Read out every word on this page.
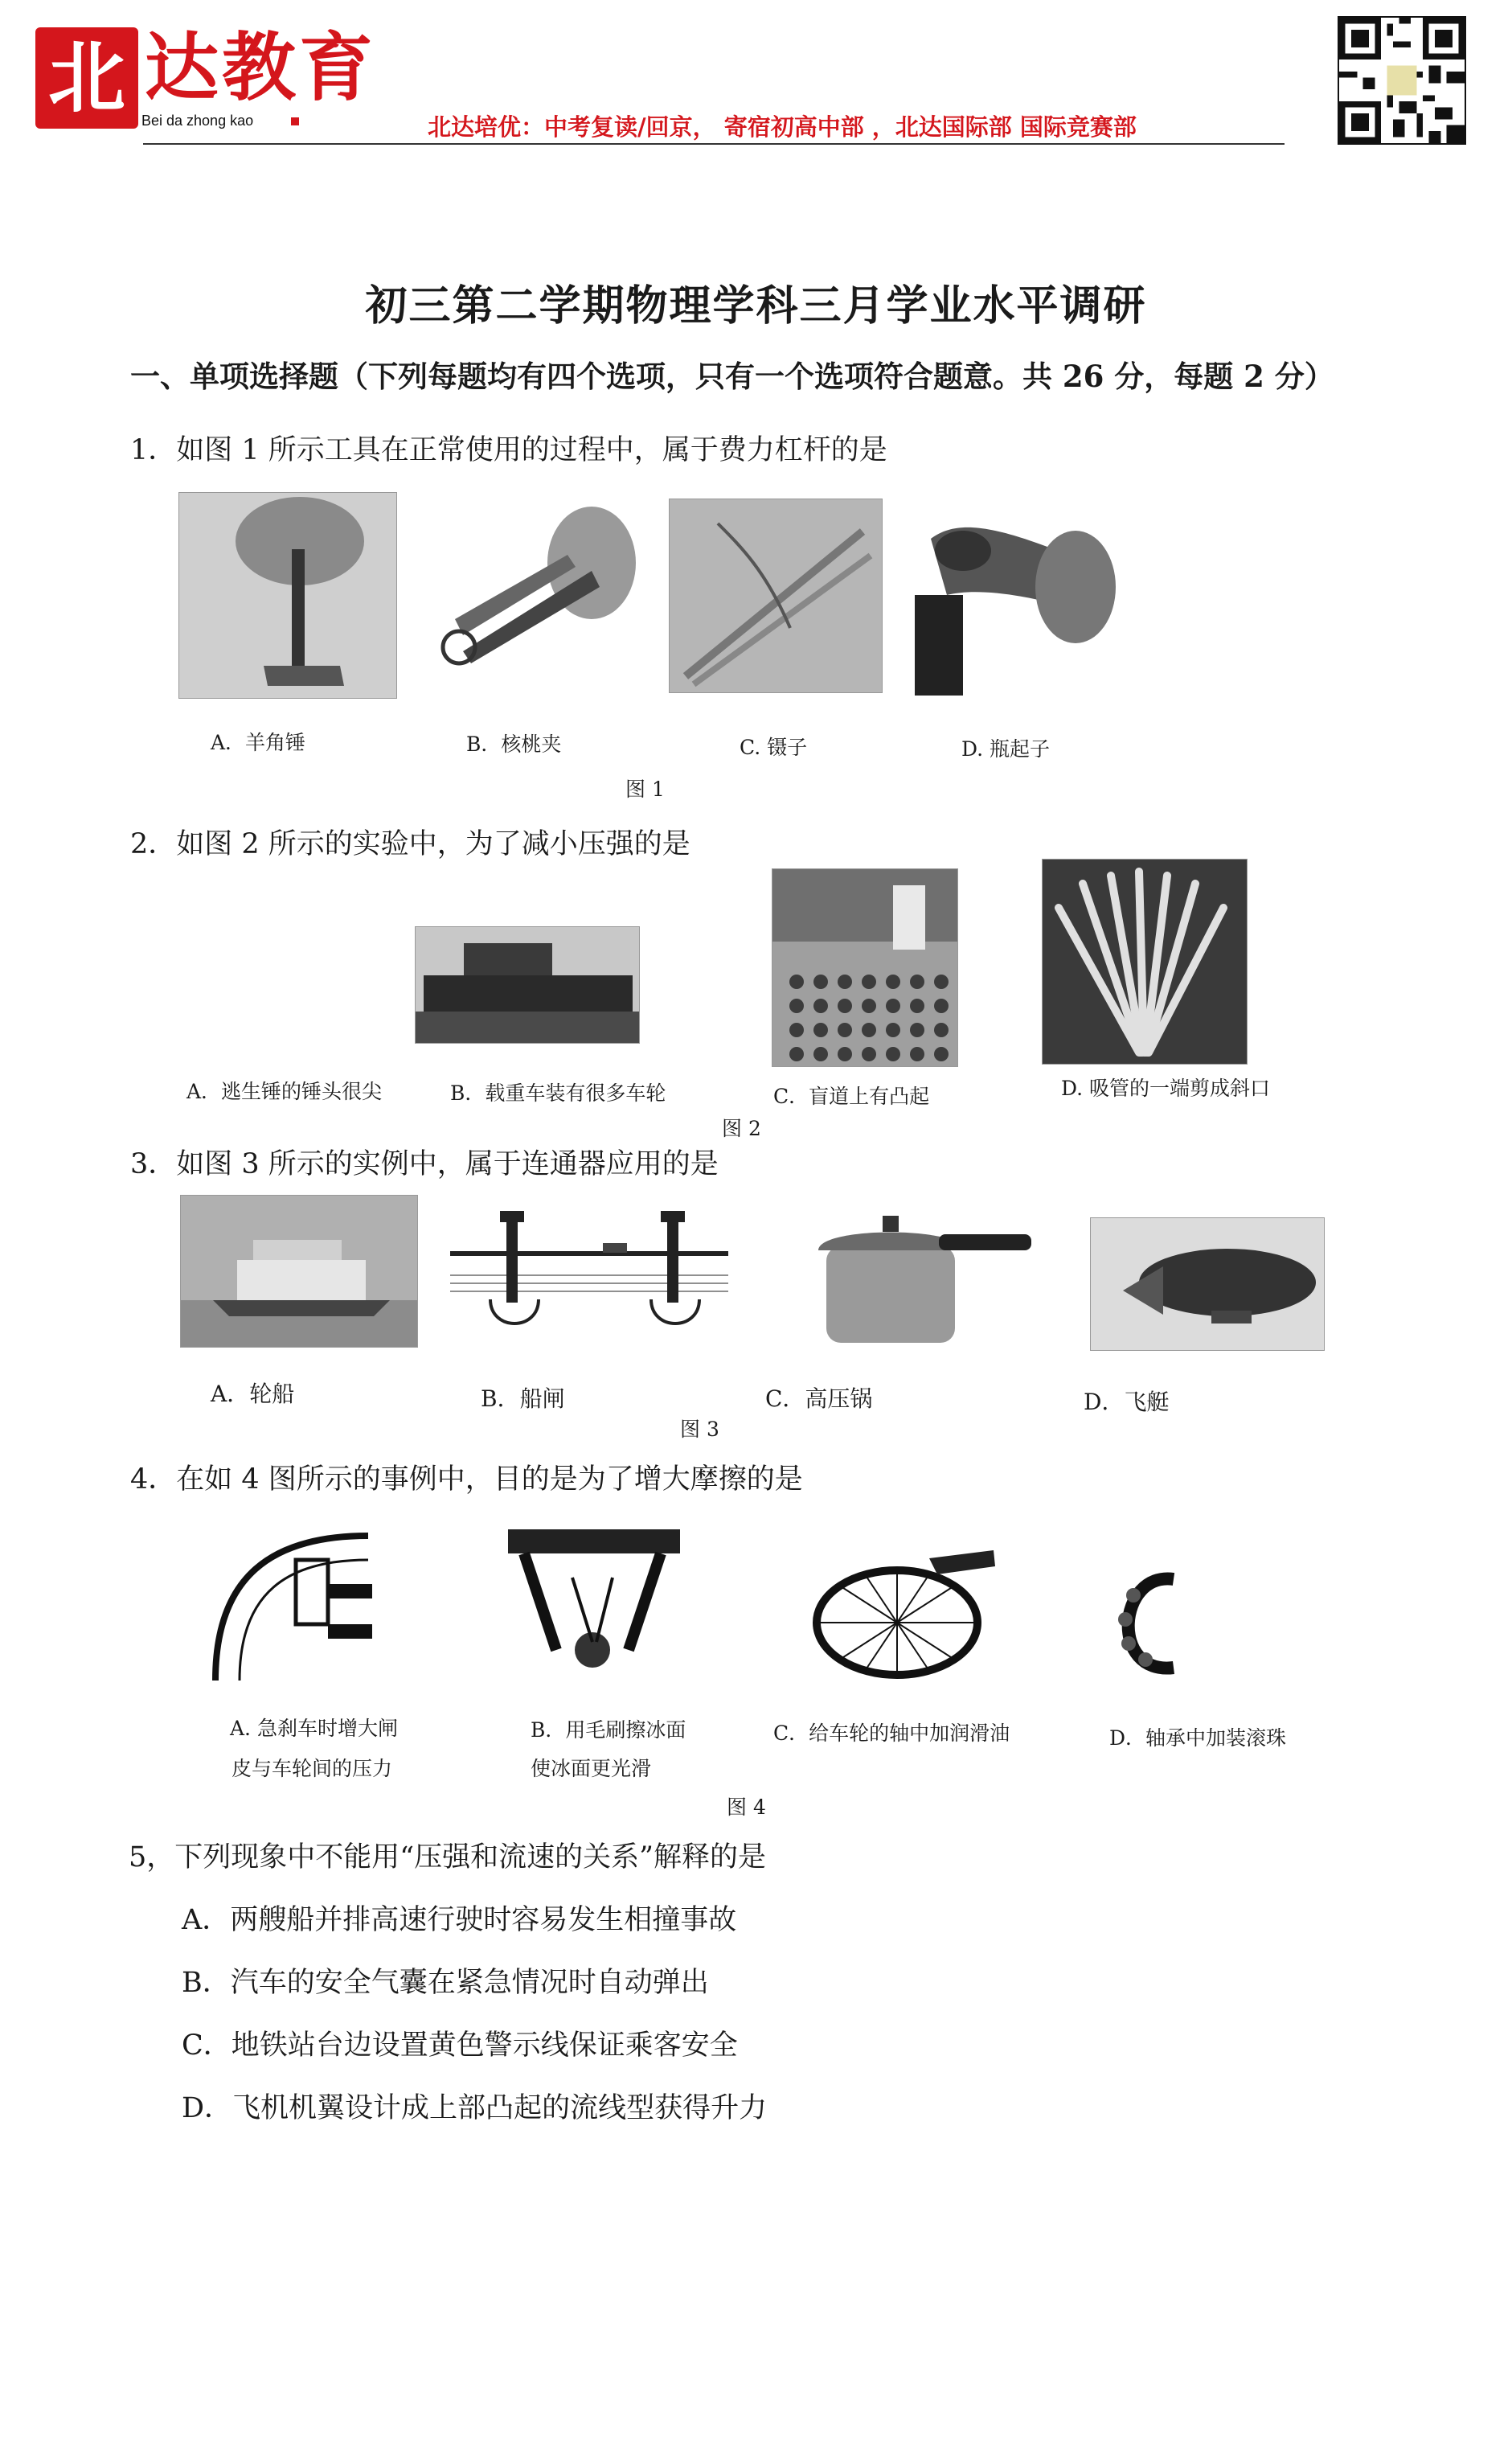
北 达教育
Bei da zhong kao	北达培优：中考复读/回京， 寄宿初高中部 ，北达国际部 国际竞赛部
初三第二学期物理学科三月学业水平调研
一、单项选择题（下列每题均有四个选项，只有一个选项符合题意。共 26 分，每题 2 分）
1．如图 1 所示工具在正常使用的过程中，属于费力杠杆的是
A．羊角锤	B．核桃夹	C. 镊子	D. 瓶起子
图 1
2．如图 2 所示的实验中，为了减小压强的是
A．逃生锤的锤头很尖	B．载重车装有很多车轮	C．盲道上有凸起	D. 吸管的一端剪成斜口
图 2
3．如图 3 所示的实例中，属于连通器应用的是
A．轮船	B．船闸	C．高压锅	D．飞艇
图 3
4．在如 4 图所示的事例中，目的是为了增大摩擦的是
A. 急刹车时增大闸
皮与车轮间的压力
B．用毛刷擦冰面
使冰面更光滑
C．给车轮的轴中加润滑油	D．轴承中加装滚珠
图 4
5，下列现象中不能用“压强和流速的关系”解释的是
A．两艘船并排高速行驶时容易发生相撞事故
B．汽车的安全气囊在紧急情况时自动弹出
C．地铁站台边设置黄色警示线保证乘客安全
D．飞机机翼设计成上部凸起的流线型获得升力
